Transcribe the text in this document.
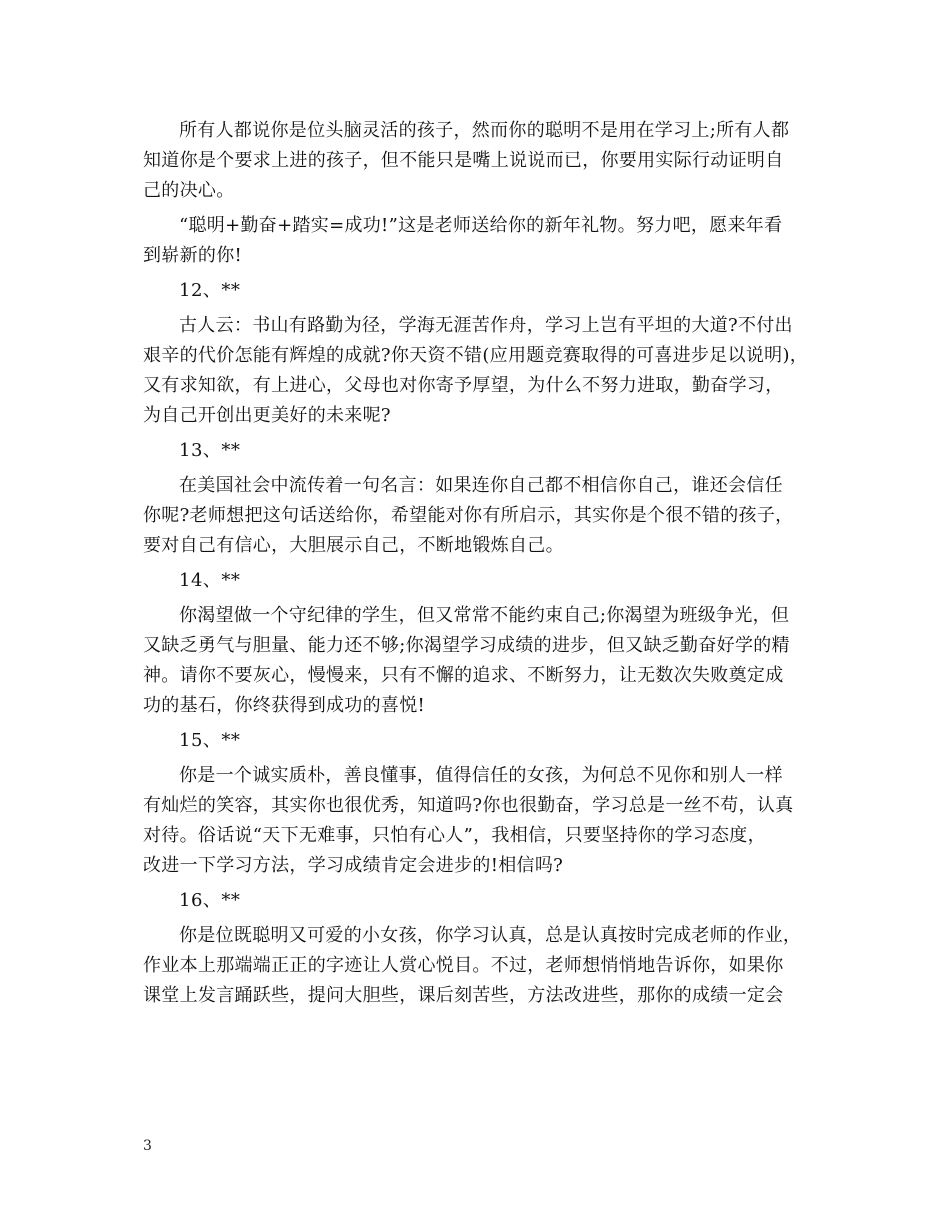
所有人都说你是位头脑灵活的孩子，然而你的聪明不是用在学习上;所有人都
知道你是个要求上进的孩子，但不能只是嘴上说说而已，你要用实际行动证明自
己的决心。
“聪明+勤奋+踏实=成功!”这是老师送给你的新年礼物。努力吧，愿来年看
到崭新的你!
12、**
古人云：书山有路勤为径，学海无涯苦作舟，学习上岂有平坦的大道?不付出
艰辛的代价怎能有辉煌的成就?你天资不错(应用题竞赛取得的可喜进步足以说明)，
又有求知欲，有上进心，父母也对你寄予厚望，为什么不努力进取，勤奋学习，
为自己开创出更美好的未来呢?
13、**
在美国社会中流传着一句名言：如果连你自己都不相信你自己，谁还会信任
你呢?老师想把这句话送给你，希望能对你有所启示，其实你是个很不错的孩子，
要对自己有信心，大胆展示自己，不断地锻炼自己。
14、**
你渴望做一个守纪律的学生，但又常常不能约束自己;你渴望为班级争光，但
又缺乏勇气与胆量、能力还不够;你渴望学习成绩的进步，但又缺乏勤奋好学的精
神。请你不要灰心，慢慢来，只有不懈的追求、不断努力，让无数次失败奠定成
功的基石，你终获得到成功的喜悦!
15、**
你是一个诚实质朴，善良懂事，值得信任的女孩，为何总不见你和别人一样
有灿烂的笑容，其实你也很优秀，知道吗?你也很勤奋，学习总是一丝不苟，认真
对待。俗话说“天下无难事，只怕有心人”，我相信，只要坚持你的学习态度，
改进一下学习方法，学习成绩肯定会进步的!相信吗?
16、**
你是位既聪明又可爱的小女孩，你学习认真，总是认真按时完成老师的作业，
作业本上那端端正正的字迹让人赏心悦目。不过，老师想悄悄地告诉你，如果你
课堂上发言踊跃些，提问大胆些，课后刻苦些，方法改进些，那你的成绩一定会
3
